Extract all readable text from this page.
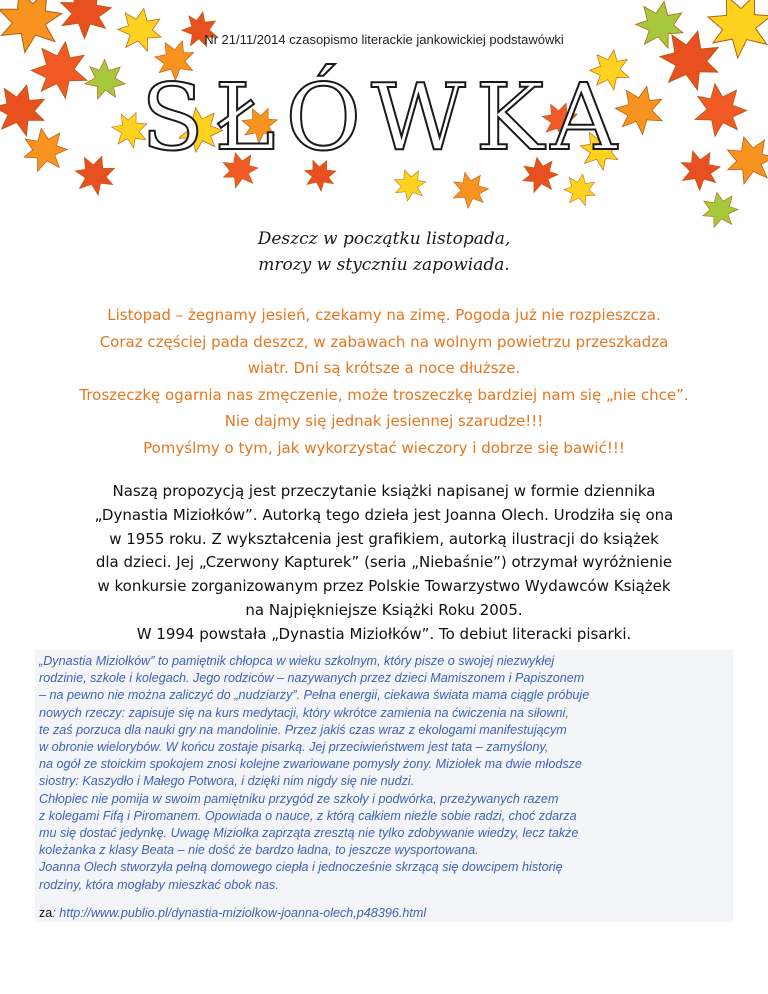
Nr 21/11/2014 czasopismo literackie jankowickiej podstawówki
SŁÓWKA
Deszcz w początku listopada,
mrozy w styczniu zapowiada.
Listopad – żegnamy jesień, czekamy na zimę. Pogoda już nie rozpieszcza.
Coraz częściej pada deszcz, w zabawach na wolnym powietrzu przeszkadza
wiatr. Dni są krótsze a noce dłuższe.
Troszeczkę ogarnia nas zmęczenie, może troszeczkę bardziej nam się „nie chce”.
Nie dajmy się jednak jesiennej szarudze!!!
Pomyślmy o tym, jak wykorzystać wieczory i dobrze się bawić!!!
Naszą propozycją jest przeczytanie książki napisanej w formie dziennika
„Dynastia Miziołków”. Autorką tego dzieła jest Joanna Olech. Urodziła się ona
w 1955 roku. Z wykształcenia jest grafikiem, autorką ilustracji do książek
dla dzieci. Jej „Czerwony Kapturek” (seria „Niebaśnie”) otrzymał wyróżnienie
w konkursie zorganizowanym przez Polskie Towarzystwo Wydawców Książek
na Najpiękniejsze Książki Roku 2005.
W 1994 powstała „Dynastia Miziołków”. To debiut literacki pisarki.
„Dynastia Miziołków” to pamiętnik chłopca w wieku szkolnym, który pisze o swojej niezwykłej
rodzinie, szkole i kolegach. Jego rodziców – nazywanych przez dzieci Mamiszonem i Papiszonem
– na pewno nie można zaliczyć do „nudziarzy”. Pełna energii, ciekawa świata mama ciągle próbuje
nowych rzeczy: zapisuje się na kurs medytacji, który wkrótce zamienia na ćwiczenia na siłowni,
te zaś porzuca dla nauki gry na mandolinie. Przez jakiś czas wraz z ekologami manifestującym
w obronie wielorybów. W końcu zostaje pisarką. Jej przeciwieństwem jest tata – zamyślony,
na ogół ze stoickim spokojem znosi kolejne zwariowane pomysły żony. Miziołek ma dwie młodsze
siostry: Kaszydło i Małego Potwora, i dzięki nim nigdy się nie nudzi.
Chłopiec nie pomija w swoim pamiętniku przygód ze szkoły i podwórka, przeżywanych razem
z kolegami Fifą i Piromanem. Opowiada o nauce, z którą całkiem nieźle sobie radzi, choć zdarza
mu się dostać jedynkę. Uwagę Miziołka zaprząta zresztą nie tylko zdobywanie wiedzy, lecz także
koleżanka z klasy Beata – nie dość że bardzo ładna, to jeszcze wysportowana.
Joanna Olech stworzyła pełną domowego ciepła i jednocześnie skrzącą się dowcipem historię
rodziny, która mogłaby mieszkać obok nas.
za: http://www.publio.pl/dynastia-miziolkow-joanna-olech,p48396.html
